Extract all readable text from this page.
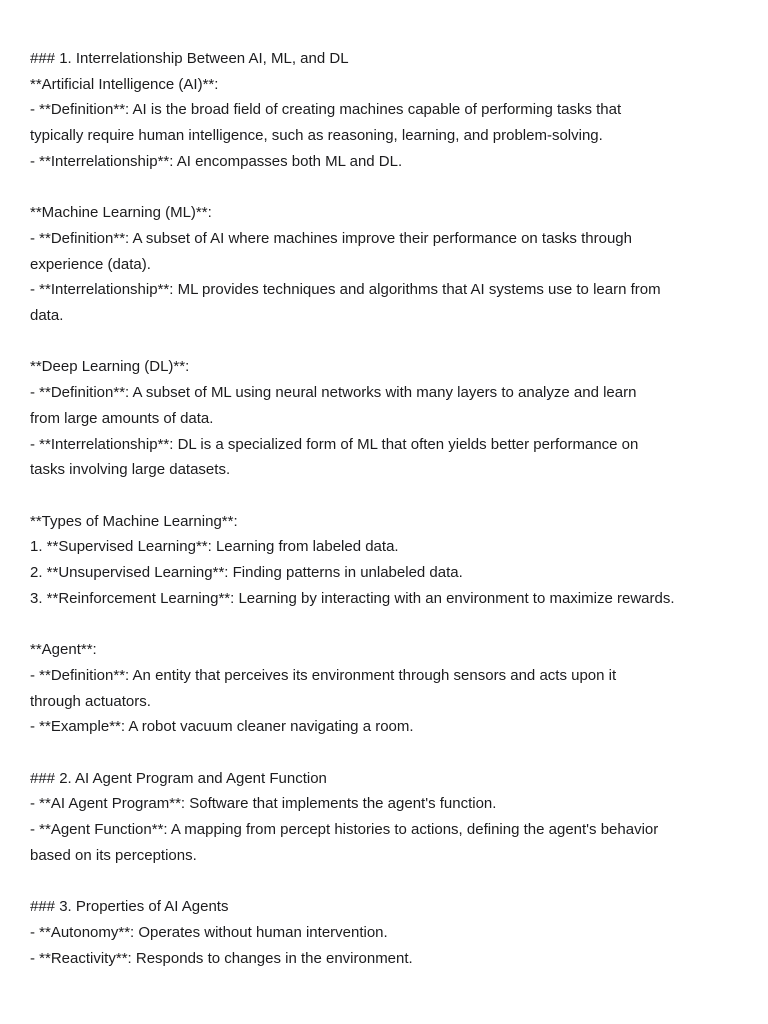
### 1. Interrelationship Between AI, ML, and DL

**Artificial Intelligence (AI)**:

- **Definition**: AI is the broad field of creating machines capable of performing tasks that

typically require human intelligence, such as reasoning, learning, and problem-solving.

- **Interrelationship**: AI encompasses both ML and DL.

**Machine Learning (ML)**:

- **Definition**: A subset of AI where machines improve their performance on tasks through

experience (data).

- **Interrelationship**: ML provides techniques and algorithms that AI systems use to learn from

data.

**Deep Learning (DL)**:

- **Definition**: A subset of ML using neural networks with many layers to analyze and learn

from large amounts of data.

- **Interrelationship**: DL is a specialized form of ML that often yields better performance on

tasks involving large datasets.

**Types of Machine Learning**:

1. **Supervised Learning**: Learning from labeled data.

2. **Unsupervised Learning**: Finding patterns in unlabeled data.

3. **Reinforcement Learning**: Learning by interacting with an environment to maximize rewards.

**Agent**:

- **Definition**: An entity that perceives its environment through sensors and acts upon it

through actuators.

- **Example**: A robot vacuum cleaner navigating a room.

### 2. AI Agent Program and Agent Function

- **AI Agent Program**: Software that implements the agent's function.

- **Agent Function**: A mapping from percept histories to actions, defining the agent's behavior

based on its perceptions.

### 3. Properties of AI Agents

- **Autonomy**: Operates without human intervention.

- **Reactivity**: Responds to changes in the environment.
